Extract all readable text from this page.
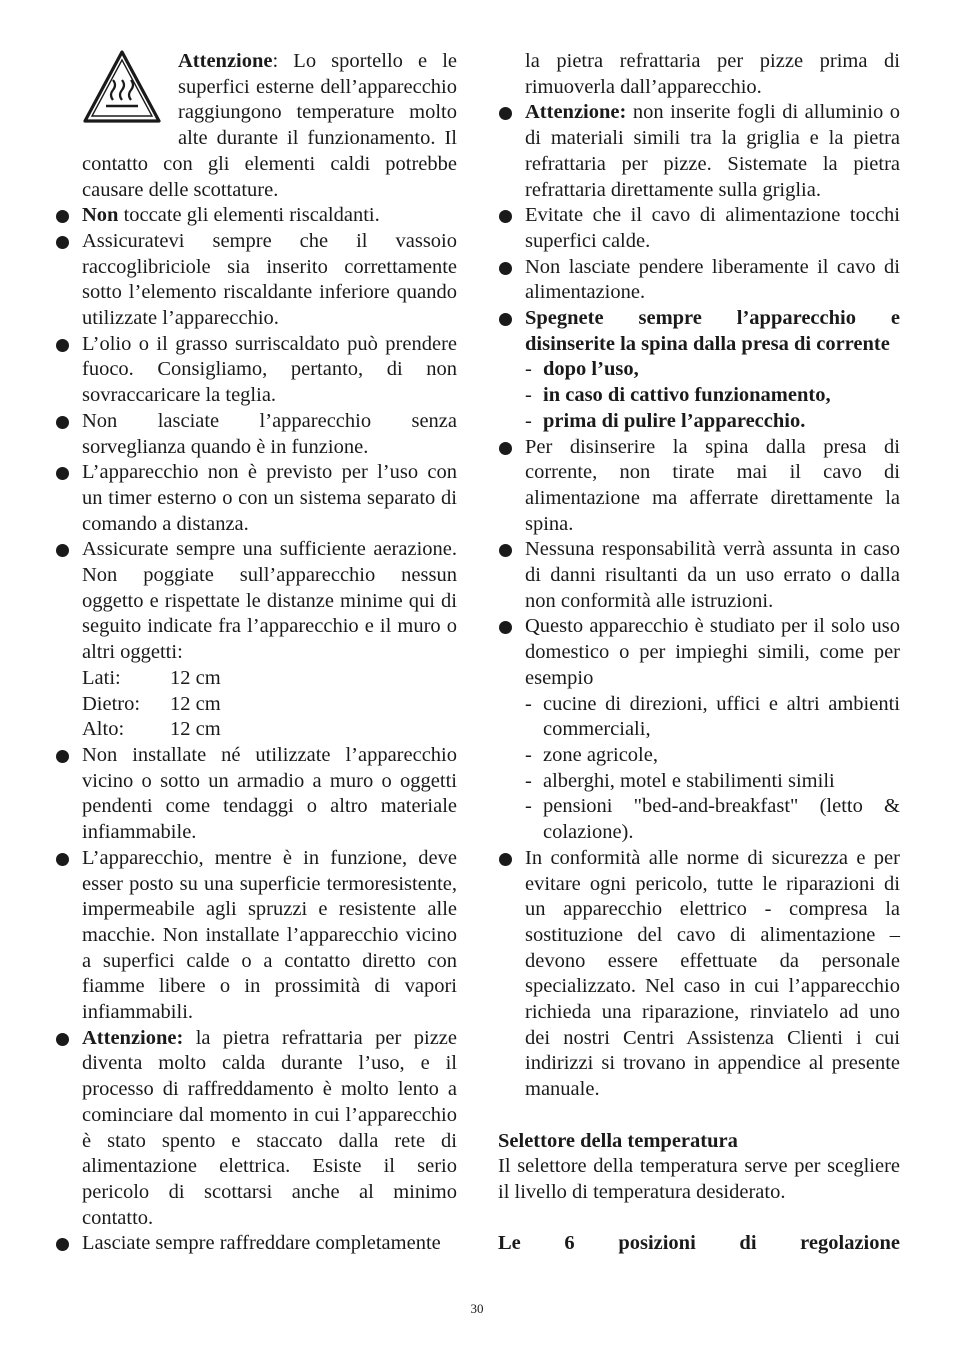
Attenzione: Lo sportello e le superfici esterne dell’apparecchio raggiungono temperature molto alte durante il funzionamento. Il contatto con gli elementi caldi potrebbe causare delle scottature.
Non toccate gli elementi riscaldanti.
Assicuratevi sempre che il vassoio raccoglibriciole sia inserito correttamente sotto l’elemento riscaldante inferiore quando utilizzate l’apparecchio.
L’olio o il grasso surriscaldato può prendere fuoco. Consigliamo, pertanto, di non sovraccaricare la teglia.
Non lasciate l’apparecchio senza sorveglianza quando è in funzione.
L’apparecchio non è previsto per l’uso con un timer esterno o con un sistema separato di comando a distanza.
Assicurate sempre una sufficiente aerazione. Non poggiate sull’apparecchio nessun oggetto e rispettate le distanze minime qui di seguito indicate fra l’apparecchio e il muro o altri oggetti:
Lati:	12 cm
Dietro:	12 cm
Alto:	12 cm
Non installate né utilizzate l’apparecchio vicino o sotto un armadio a muro o oggetti pendenti come tendaggi o altro materiale infiammabile.
L’apparecchio, mentre è in funzione, deve esser posto su una superficie termoresistente, impermeabile agli spruzzi e resistente alle macchie. Non installate l’apparecchio vicino a superfici calde o a contatto diretto con fiamme libere o in prossimità di vapori infiammabili.
Attenzione: la pietra refrattaria per pizze diventa molto calda durante l’uso, e il processo di raffreddamento è molto lento a cominciare dal momento in cui l’apparecchio è stato spento e staccato dalla rete di alimentazione elettrica. Esiste il serio pericolo di scottarsi anche al minimo contatto.
Lasciate sempre raffreddare completamente
la pietra refrattaria per pizze prima di rimuoverla dall’apparecchio.
Attenzione: non inserite fogli di alluminio o di materiali simili tra la griglia e la pietra refrattaria per pizze. Sistemate la pietra refrattaria direttamente sulla griglia.
Evitate che il cavo di alimentazione tocchi superfici calde.
Non lasciate pendere liberamente il cavo di alimentazione.
Spegnete sempre l’apparecchio e disinserite la spina dalla presa di corrente
- dopo l’uso,
- in caso di cattivo funzionamento,
- prima di pulire l’apparecchio.
Per disinserire la spina dalla presa di corrente, non tirate mai il cavo di alimentazione ma afferrate direttamente la spina.
Nessuna responsabilità verrà assunta in caso di danni risultanti da un uso errato o dalla non conformità alle istruzioni.
Questo apparecchio è studiato per il solo uso domestico o per impieghi simili, come per esempio
- cucine di direzioni, uffici e altri ambienti commerciali,
- zone agricole,
- alberghi, motel e stabilimenti simili
- pensioni "bed-and-breakfast" (letto & colazione).
In conformità alle norme di sicurezza e per evitare ogni pericolo, tutte le riparazioni di un apparecchio elettrico - compresa la sostituzione del cavo di alimentazione – devono essere effettuate da personale specializzato. Nel caso in cui l’apparecchio richieda una riparazione, rinviatelo ad uno dei nostri Centri Assistenza Clienti i cui indirizzi si trovano in appendice al presente manuale.
Selettore della temperatura
Il selettore della temperatura serve per scegliere il livello di temperatura desiderato.
Le 6 posizioni di regolazione
30
